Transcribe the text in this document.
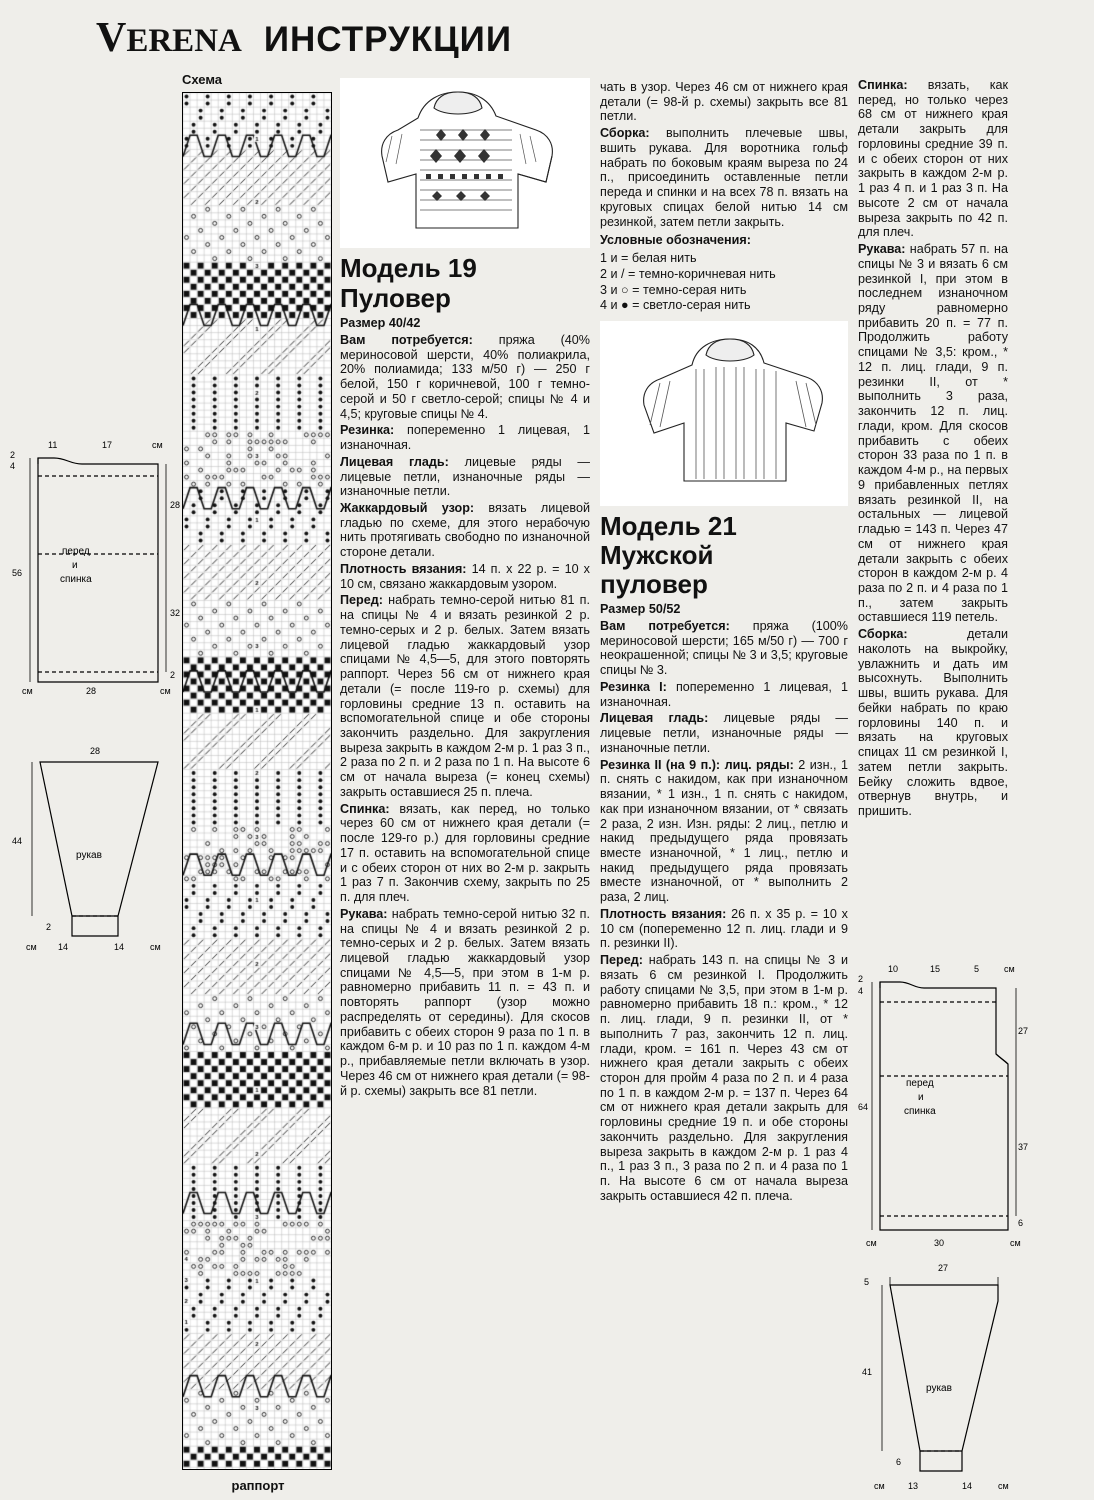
VERENA ИНСТРУКЦИИ
Схема
раппорт
11	17	см
2
4
56
28
32
2
28
см	см
перед
и
спинка
28
44
2
см 14	14	см
рукав
Модель 19
Пуловер

Размер 40/42

Вам потребуется: пряжа (40% мериносовой шерсти, 40% полиакрила, 20% полиамида; 133 м/50 г) — 250 г белой, 150 г коричневой, 100 г темно-серой и 50 г светло-серой; спицы № 4 и 4,5; круговые спицы № 4.

Резинка: попеременно 1 лицевая, 1 изнаночная.

Лицевая гладь: лицевые ряды — лицевые петли, изнаночные ряды — изнаночные петли.

Жаккардовый узор: вязать лицевой гладью по схеме, для этого нерабочую нить протягивать свободно по изнаночной стороне детали.

Плотность вязания: 14 п. х 22 р. = 10 х 10 см, связано жаккардовым узором.

Перед: набрать темно-серой нитью 81 п. на спицы № 4 и вязать резинкой 2 р. темно-серых и 2 р. белых. Затем вязать лицевой гладью жаккардовый узор спицами № 4,5—5, для этого повторять раппорт. Через 56 см от нижнего края детали (= после 119-го р. схемы) для горловины средние 13 п. оставить на вспомогательной спице и обе стороны закончить раздельно. Для закругления выреза закрыть в каждом 2-м р. 1 раз 3 п., 2 раза по 2 п. и 2 раза по 1 п. На высоте 6 см от начала выреза (= конец схемы) закрыть оставшиеся 25 п. плеча.

Спинка: вязать, как перед, но только через 60 см от нижнего края детали (= после 129-го р.) для горловины средние 17 п. оставить на вспомогательной спице и с обеих сторон от них во 2-м р. закрыть 1 раз 7 п. Закончив схему, закрыть по 25 п. для плеч.

Рукава: набрать темно-серой нитью 32 п. на спицы № 4 и вязать резинкой 2 р. темно-серых и 2 р. белых. Затем вязать лицевой гладью жаккардовый узор спицами № 4,5—5, при этом в 1-м р. равномерно прибавить 11 п. = 43 п. и повторять раппорт (узор можно распределять от середины). Для скосов прибавить с обеих сторон 9 раза по 1 п. в каждом 6-м р. и 10 раз по 1 п. каждом 4-м р., прибавляемые петли включать в узор. Через 46 см от нижнего края детали (= 98-й р. схемы) закрыть все 81 петли.

чать в узор. Через 46 см от нижнего края детали (= 98-й р. схемы) закрыть все 81 петли.

Сборка: выполнить плечевые швы, вшить рукава. Для воротника гольф набрать по боковым краям выреза по 24 п., присоединить оставленные петли переда и спинки и на всех 78 п. вязать на круговых спицах белой нитью 14 см резинкой, затем петли закрыть.

Условные обозначения:

1 и = белая нить
2 и / = темно-коричневая нить
3 и ○ = темно-серая нить
4 и ● = светло-серая нить
Модель 21
Мужской
пуловер

Размер 50/52

Вам потребуется: пряжа (100% мериносовой шерсти; 165 м/50 г) — 700 г неокрашенной; спицы № 3 и 3,5; круговые спицы № 3.

Резинка I: попеременно 1 лицевая, 1 изнаночная.

Лицевая гладь: лицевые ряды — лицевые петли, изнаночные ряды — изнаночные петли.

Резинка II (на 9 п.): лиц. ряды: 2 изн., 1 п. снять с накидом, как при изнаночном вязании, * 1 изн., 1 п. снять с накидом, как при изнаночном вязании, от * связать 2 раза, 2 изн. Изн. ряды: 2 лиц., петлю и накид предыдущего ряда провязать вместе изнаночной, * 1 лиц., петлю и накид предыдущего ряда провязать вместе изнаночной, от * выполнить 2 раза, 2 лиц.

Плотность вязания: 26 п. х 35 р. = 10 х 10 см (попеременно 12 п. лиц. глади и 9 п. резинки II).

Перед: набрать 143 п. на спицы № 3 и вязать 6 см резинкой I. Продолжить работу спицами № 3,5, при этом в 1-м р. равномерно прибавить 18 п.: кром., * 12 п. лиц. глади, 9 п. резинки II, от * выполнить 7 раз, закончить 12 п. лиц. глади, кром. = 161 п. Через 43 см от нижнего края детали закрыть с обеих сторон для пройм 4 раза по 2 п. и 4 раза по 1 п. в каждом 2-м р. = 137 п. Через 64 см от нижнего края детали закрыть для горловины средние 19 п. и обе стороны закончить раздельно. Для закругления выреза закрыть в каждом 2-м р. 1 раз 4 п., 1 раз 3 п., 3 раза по 2 п. и 4 раза по 1 п. На высоте 6 см от начала выреза закрыть оставшиеся 42 п. плеча.

Спинка: вязать, как перед, но только через 68 см от нижнего края детали закрыть для горловины средние 39 п. и с обеих сторон от них закрыть в каждом 2-м р. 1 раз 4 п. и 1 раз 3 п. На высоте 2 см от начала выреза закрыть по 42 п. для плеч.

Рукава: набрать 57 п. на спицы № 3 и вязать 6 см резинкой I, при этом в последнем изнаночном ряду равномерно прибавить 20 п. = 77 п. Продолжить работу спицами № 3,5: кром., * 12 п. лиц. глади, 9 п. резинки II, от * выполнить 3 раза, закончить 12 п. лиц. глади, кром. Для скосов прибавить с обеих сторон 33 раза по 1 п. в каждом 4-м р., на первых 9 прибавленных петлях вязать резинкой II, на остальных — лицевой гладью = 143 п. Через 47 см от нижнего края детали закрыть с обеих сторон в каждом 2-м р. 4 раза по 2 п. и 4 раза по 1 п., затем закрыть оставшиеся 119 петель.

Сборка: детали наколоть на выкройку, увлажнить и дать им высохнуть. Выполнить швы, вшить рукава. Для бейки набрать по краю горловины 140 п. и вязать на круговых спицах 11 см резинкой I, затем петли закрыть. Бейку сложить вдвое, отвернув внутрь, и пришить.

10	15	5	см
2
4
64
27
37
6
30
см	см
перед
и
спинка
27
5
41
6
см	13	14	см
рукав
